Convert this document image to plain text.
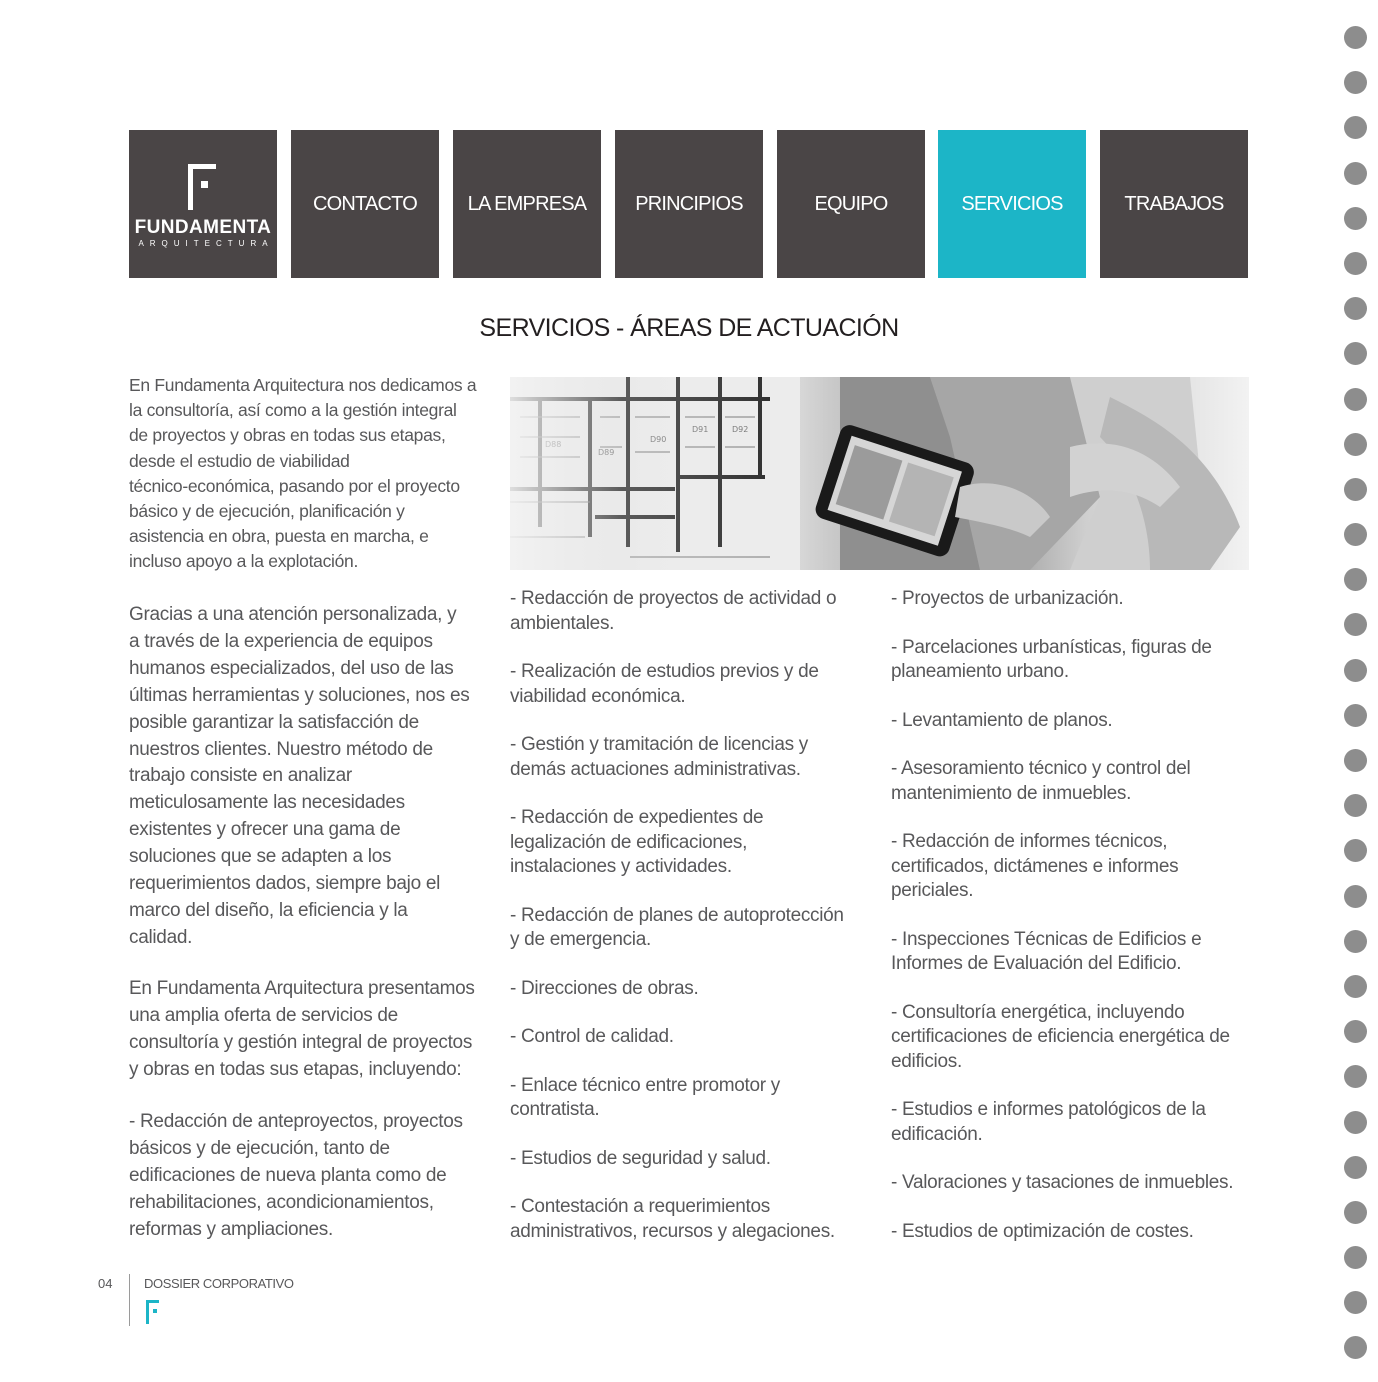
FUNDAMENTA
ARQUITECTURA
CONTACTO	LA EMPRESA	PRINCIPIOS	EQUIPO	SERVICIOS	TRABAJOS
SERVICIOS - ÁREAS DE ACTUACIÓN

En Fundamenta Arquitectura nos dedicamos a
la consultoría, así como a la gestión integral
de proyectos y obras en todas sus etapas,
desde el estudio de viabilidad
técnico-económica, pasando por el proyecto
básico y de ejecución, planificación y
asistencia en obra, puesta en marcha, e
incluso apoyo a la explotación.

Gracias a una atención personalizada, y
a través de la experiencia de equipos
humanos especializados, del uso de las
últimas herramientas y soluciones, nos es
posible garantizar la satisfacción de
nuestros clientes. Nuestro método de
trabajo consiste en analizar
meticulosamente las necesidades
existentes y ofrecer una gama de
soluciones que se adapten a los
requerimientos dados, siempre bajo el
marco del diseño, la eficiencia y la
calidad.

En Fundamenta Arquitectura presentamos
una amplia oferta de servicios de
consultoría y gestión integral de proyectos
y obras en todas sus etapas, incluyendo:

- Redacción de anteproyectos, proyectos
básicos y de ejecución, tanto de
edificaciones de nueva planta como de
rehabilitaciones, acondicionamientos,
reformas y ampliaciones.

- Redacción de proyectos de actividad o
ambientales.
- Realización de estudios previos y de
viabilidad económica.
- Gestión y tramitación de licencias y
demás actuaciones administrativas.
- Redacción de expedientes de
legalización de edificaciones,
instalaciones y actividades.
- Redacción de planes de autoprotección
y de emergencia.
- Direcciones de obras.
- Control de calidad.
- Enlace técnico entre promotor y
contratista.
- Estudios de seguridad y salud.
- Contestación a requerimientos
administrativos, recursos y alegaciones.
- Proyectos de urbanización.
- Parcelaciones urbanísticas, figuras de
planeamiento urbano.
- Levantamiento de planos.
- Asesoramiento técnico y control del
mantenimiento de inmuebles.
- Redacción de informes técnicos,
certificados, dictámenes e informes
periciales.
- Inspecciones Técnicas de Edificios e
Informes de Evaluación del Edificio.
- Consultoría energética, incluyendo
certificaciones de eficiencia energética de
edificios.
- Estudios e informes patológicos de la
edificación.
- Valoraciones y tasaciones de inmuebles.
- Estudios de optimización de costes.
04 DOSSIER CORPORATIVO
